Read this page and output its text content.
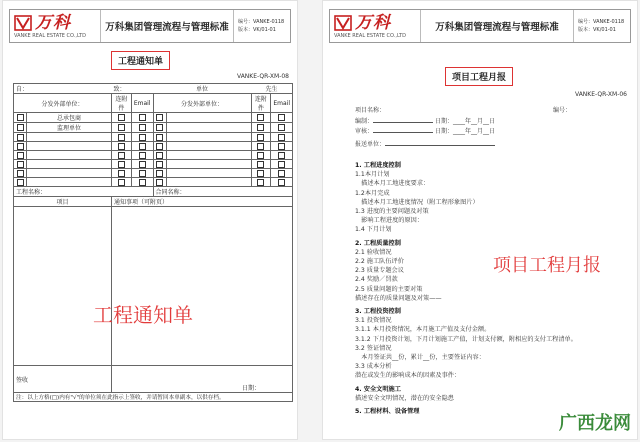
万科
VANKE REAL ESTATE CO.,LTD
万科集团管理流程与管理标准	编号：VANKE-0118
版本：VK/01-01
工程通知单
VANKE-QR-XM-08
自：		致：		单位		先生	
分发外部单位：		连附件	Email	分发外部单位：		连附件	Email
	总承包商						
	监理单位						

工程名称：				合同名称：			
项目		通知事项（可附页）					

签收		日期：					
注：以上方格(□)内有"√"的单位须在此指示上签收，并请暂回本单副本，以供存档。							
工程通知单
万科
VANKE REAL ESTATE CO.,LTD
万科集团管理流程与管理标准	编号：VANKE-0118
版本：VK/01-01
项目工程月报
VANKE-QR-XM-06
项目名称：	编号：
编制：	日期：____年__月__日
审核：	日期：____年__月__日
报送单位：
1. 工程进度控制
1.1本月计划
　描述本月工地进度要求：
1.2本月完成
　描述本月工地进度情况（附工程形象图片）
1.3 进度的主要问题及对策
　影响工程进度的原因：
1.4 下月计划
2. 工程质量控制
2.1 验收情况
2.2 施工队伍评价
2.3 质量专题会议
2.4 奖励／罚款
2.5 质量问题的主要对策
描述存在的质量问题及对策——
3. 工程投资控制
3.1 投资情况
3.1.1 本月投资情况，本月施工产值及支付金额。
3.1.2 下月投资计划，下月计划施工产值，计划支付额，附相应的支付工程清单。
3.2 签证情况
　本月签证共__份，累计__份，主要签证内容：
3.3 成本分析
潜在或发生的影响成本的因素及事件：
4. 安全文明施工
描述安全文明情况，潜在的安全隐患
5. 工程材料、设备管理
项目工程月报
广西龙网
